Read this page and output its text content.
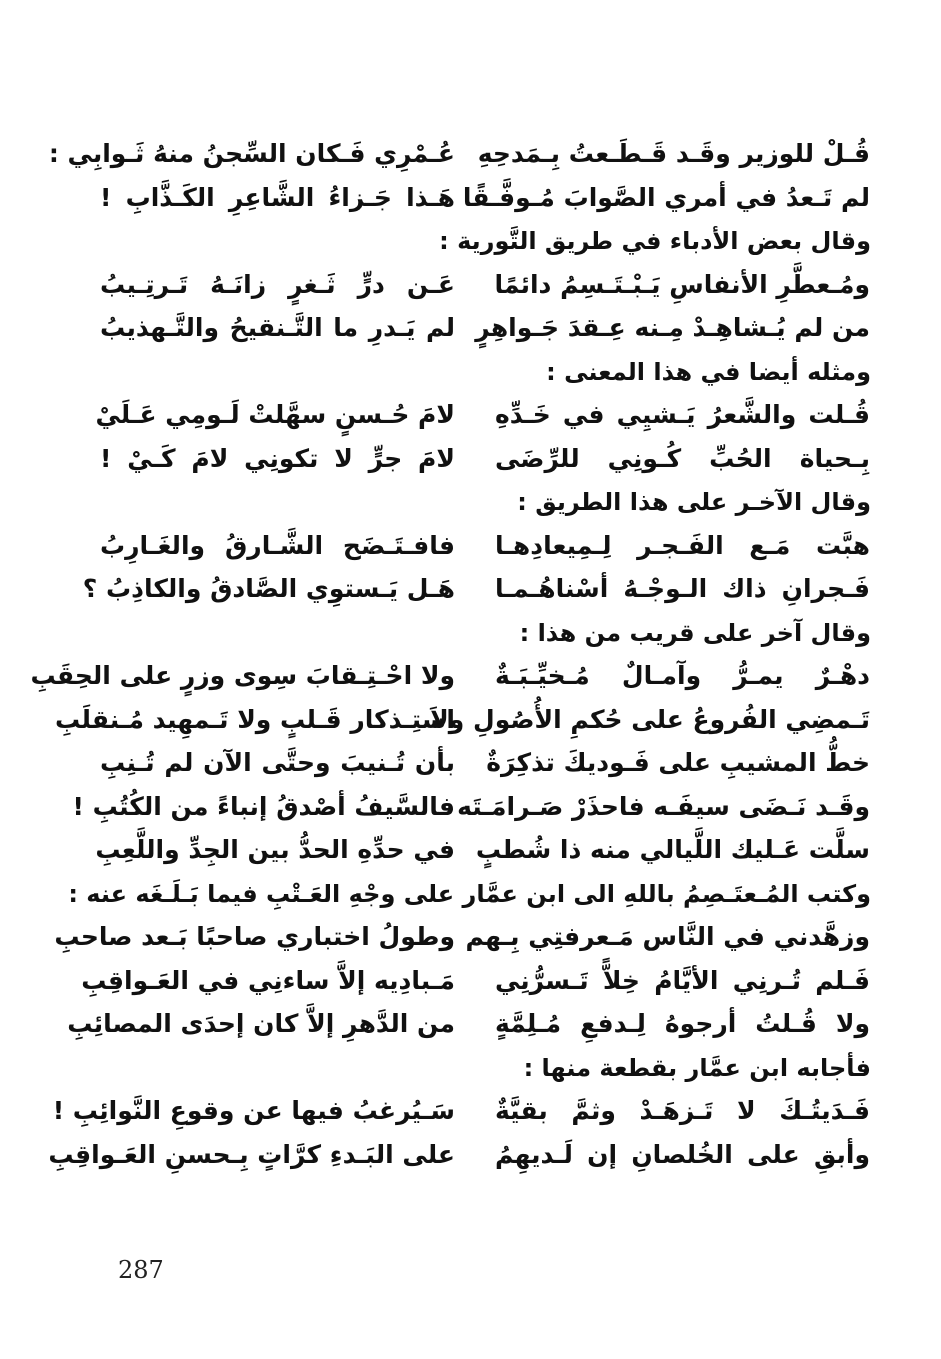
قُـلْ للوزير وقَـد قَـطَـعتُ بِـمَدحِهِ
عُـمْرِي فَـكان السِّجنُ منهُ ثَـوابِي :
لم تَـعدُ في أمري الصَّوابَ مُـوفَّـقًا
هَـذا جَـزاءُ الشَّاعِرِ الكَـذَّابِ !
وقال بعض الأدباء في طريق التَّورية :
ومُـعطَّرِ الأنفاسِ يَـبْـتَـسِمُ دائمًا
عَـن درٍّ ثَـغرٍ زانَـهُ تَـرتِـيبُ
من لم يُـشاهِـدْ مِـنه عِـقدَ جَـواهِرٍ
لم يَـدرِ ما التَّـنقيحُ والتَّـهذيبُ
ومثله أيضا في هذا المعنى :
قُـلت والشَّعرُ يَـشيِي في خَـدِّهِ
لامَ حُـسنٍ سهَّلتْ لَـومِي عَـلَيْ
بِـحياة الحُبِّ كُـونِي للرِّضَى
لامَ جرٍّ لا تكونِي لامَ كَـيْ !
وقال الآخـر على هذا الطريق :
هبَّت مَـع الفَـجـر لِـمِيعادِهـا
فافـتَـضَح الشَّـارقُ والغَـارِبُ
فَـجرانِ ذاك الـوجْـهُ أسْناهُـمـا
هَـل يَـستوِي الصَّادقُ والكاذِبُ ؟
وقال آخر على قريب من هذا :
دهْـرٌ يمـرُّ وآمـالٌ مُـخيِّـبَـةٌ
ولا احْـتِـقابَ سِوى وزرٍ على الحِقَبِ
تَـمضِي الفُروعُ على حُكمِ الأُصُولِ ولاَ
استِـذكار قَـلبٍ ولا تَـمهِيد مُـنقلَبِ
خطُّ المشيبِ على فَـوديكَ تذكِرَةٌ
بأن تُـنيبَ وحتَّى الآن لم تُـنِبِ
وقَـد نَـضَى سيفَـه فاحذَرْ صَـرامَـتَه
فالسَّيفُ أصْدقُ إنباءً من الكُتُبِ !
سلَّت عَـليك اللَّيالي منه ذا شُطبٍ
في حدِّهِ الحدُّ بين الجِدِّ واللَّعِبِ
وكتب المُـعتَـصِمُ باللهِ الى ابن عمَّار على وجْهِ العَـتْبِ فيما بَـلَـغَه عنه :
وزهَّدني في النَّاس مَـعرفتِي بِـهم
وطولُ اختباري صاحبًا بَـعد صاحبِ
فَـلم تُـرنِي الأيَّامُ خِلاًّ تَـسرُّنِي
مَـبادِيه إلاَّ ساءنِي في العَـواقِبِ
ولا قُـلتُ أرجوهُ لِـدفعِ مُـلِمَّةٍ
من الدَّهرِ إلاَّ كان إحدَى المصائِبِ
فأجابه ابن عمَّار بقطعة منها :
فَـدَيتُـكَ لا تَـزهَـدْ وثمَّ بقيَّةٌ
سَـيُرغبُ فيها عن وقوعِ النَّوائِبِ !
وأبقِ على الخُلصانِ إن لَـديهِمُ
على البَـدءِ كرَّاتٍ بِـحسنِ العَـواقِبِ
287
